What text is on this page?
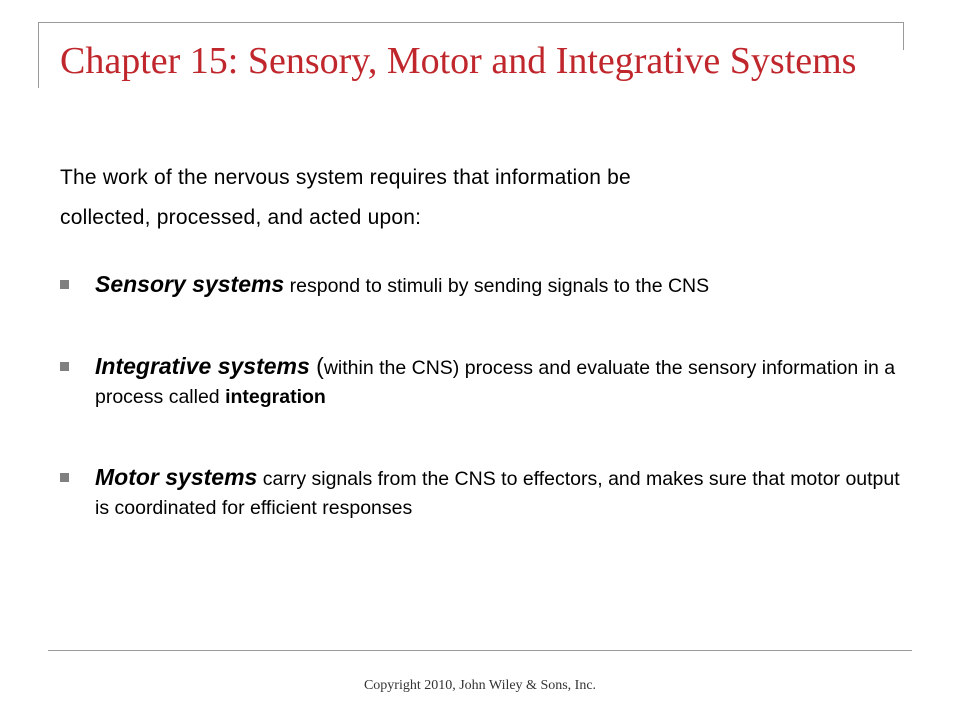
Chapter 15: Sensory, Motor and Integrative Systems
The work of the nervous system requires that information be
collected, processed, and acted upon:
Sensory systems respond to stimuli by sending signals to the CNS
Integrative systems (within the CNS) process and evaluate the sensory information in a process called integration
Motor systems carry signals from the CNS to effectors, and makes sure that motor output is coordinated for efficient responses
Copyright 2010, John Wiley & Sons, Inc.
